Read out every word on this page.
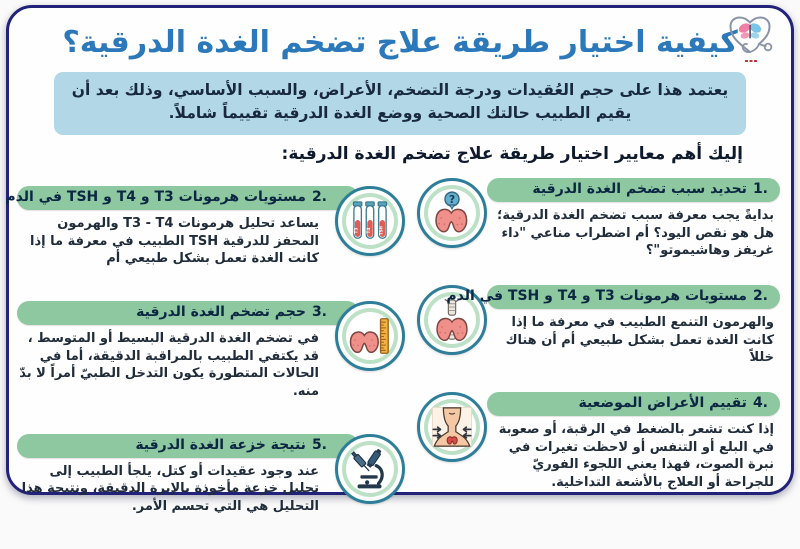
كيفية اختيار طريقة علاج تضخم الغدة الدرقية؟
يعتمد هذا على حجم العُقيدات ودرجة التضخم، الأعراض، والسبب الأساسي، وذلك بعد أن يقيم الطبيب حالتك الصحية ووضع الغدة الدرقية تقييماً شاملاً.
إليك أهم معايير اختيار طريقة علاج تضخم الغدة الدرقية:
?
1.
تحديد سبب تضخم الغدة الدرقية

بدايةً يجب معرفة سبب تضخم الغدة الدرقية؛ هل هو نقص اليود؟ أم اضطراب مناعي "داء غريفز وهاشيموتو"؟

2.
مستويات هرمونات T3 و T4 و TSH في الدم

والهرمون التنمع الطبيب في معرفة ما إذا كانت الغدة تعمل بشكل طبيعي أم أن هناك خللاً

4.
تقييم الأعراض الموضعية

إذا كنت تشعر بالضغط في الرقبة، أو صعوبة في البلع أو التنفس أو لاحظت تغيرات في نبرة الصوت، فهذا يعني اللجوء الفوريّ للجراحة أو العلاج بالأشعة التداخلية.

2.
مستويات هرمونات T3 و T4 و TSH في الدم

يساعد تحليل هرمونات T3 - T4 والهرمون المحفز للدرقية TSH الطبيب في معرفة ما إذا كانت الغدة تعمل بشكل طبيعي أم

T3 T4 TSH
3.
حجم تضخم الغدة الدرقية

في تضخم الغدة الدرقية البسيط أو المتوسط ، قد يكتفي الطبيب بالمراقبة الدقيقة، أما في الحالات المتطورة يكون التدخل الطبيّ أمراً لا بدّ منه.

5.
نتيجة خزعة الغدة الدرقية

عند وجود عقيدات أو كتل، يلجأ الطبيب إلى تحليل خزعة مأخوذة بالإبرة الدقيقة، ونتيجة هذا التحليل هي التي تحسم الأمر.
